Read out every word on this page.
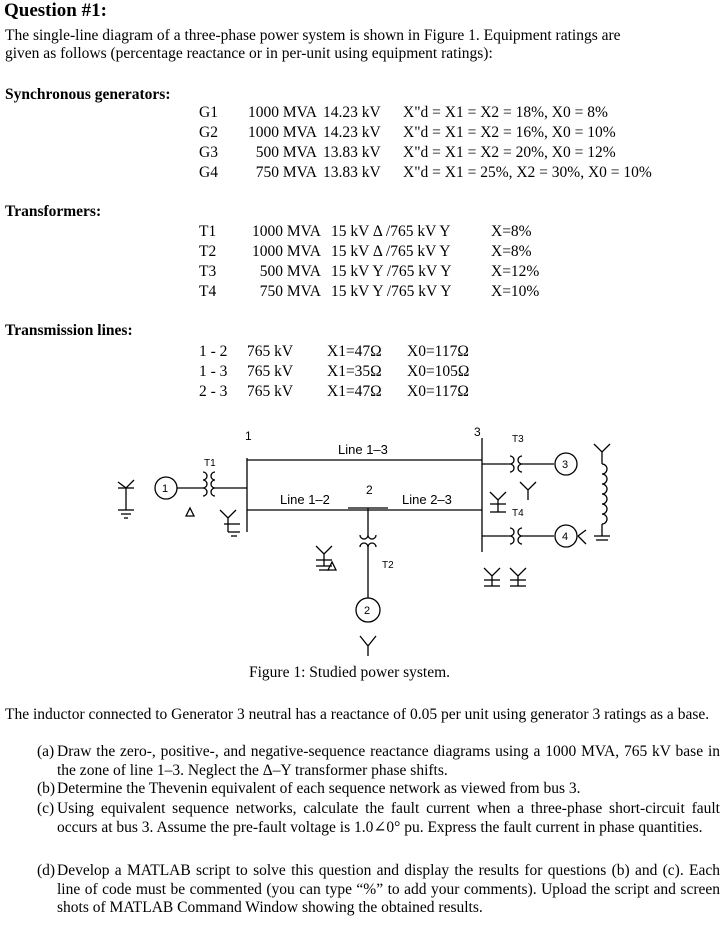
Question #1:
The single-line diagram of a three-phase power system is shown in Figure 1. Equipment ratings are
given as follows (percentage reactance or in per-unit using equipment ratings):
Synchronous generators:
G1	1000 MVA	14.23 kV	X"d = X1 = X2 = 18%, X0 = 8%
G2	1000 MVA	14.23 kV	X"d = X1 = X2 = 16%, X0 = 10%
G3	500 MVA	13.83 kV	X"d = X1 = X2 = 20%, X0 = 12%
G4	750 MVA	13.83 kV	X"d = X1 = 25%, X2 = 30%, X0 = 10%
Transformers:
T1	1000 MVA	15 kV Δ /765 kV Y	X=8%
T2	1000 MVA	15 kV Δ /765 kV Y	X=8%
T3	500 MVA	15 kV Y /765 kV Y	X=12%
T4	750 MVA	15 kV Y /765 kV Y	X=10%
Transmission lines:
1 - 2	765 kV	X1=47Ω	X0=117Ω
1 - 3	765 kV	X1=35Ω	X0=105Ω
2 - 3	765 kV	X1=47Ω	X0=117Ω
1
2
3
Line 1–3
Line 1–2	Line 2–3
T1
T2
T3
T4
1
2
3
4
Figure 1: Studied power system.
The inductor connected to Generator 3 neutral has a reactance of 0.05 per unit using generator 3 ratings as a base.
(a) Draw the zero-, positive-, and negative-sequence reactance diagrams using a 1000 MVA, 765 kV base in the zone of line 1–3. Neglect the Δ–Y transformer phase shifts.
(b) Determine the Thevenin equivalent of each sequence network as viewed from bus 3.
(c) Using equivalent sequence networks, calculate the fault current when a three-phase short-circuit fault occurs at bus 3. Assume the pre-fault voltage is 1.0∠0° pu. Express the fault current in phase quantities.
(d) Develop a MATLAB script to solve this question and display the results for questions (b) and (c). Each line of code must be commented (you can type “%” to add your comments). Upload the script and screen shots of MATLAB Command Window showing the obtained results.
